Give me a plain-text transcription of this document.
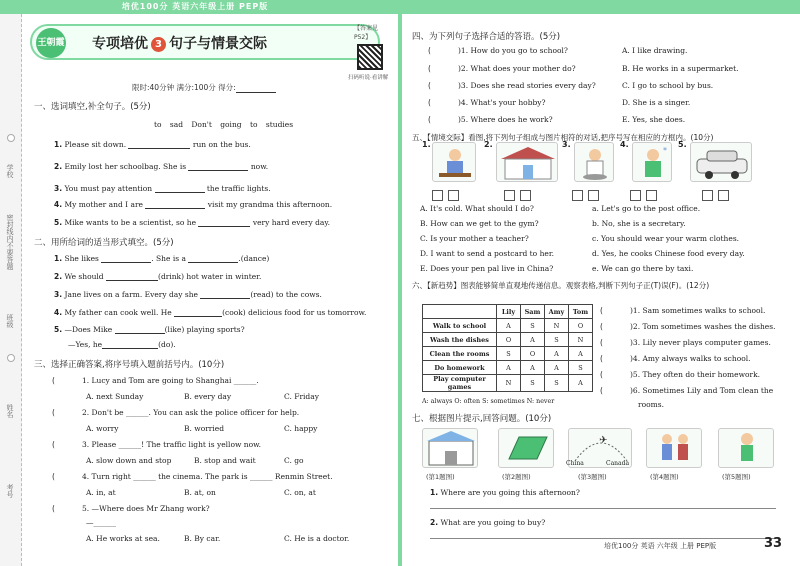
培优100分 英语六年级上册 PEP版
学校
密封线内不要答题
班级
姓名
考号
王朝霞 专项培优 3 句子与情景交际
【答案见P52】
扫码听说·看讲解
限时:40分钟 满分:100分 得分:
一、选词填空,补全句子。(5分)
to sad Don't going to studies
1. Please sit down.	run on the bus.
2. Emily lost her schoolbag. She is	now.
3. You must pay attention	the traffic lights.
4. My mother and I are	visit my grandma this afternoon.
5. Mike wants to be a scientist, so he	very hard every day.
二、用所给词的适当形式填空。(5分)
1. She likes	. She is a	.(dance)
2. We should	(drink) hot water in winter.
3. Jane lives on a farm. Every day she	(read) to the cows.
4. My father can cook well. He	(cook) delicious food for us tomorrow.
5. —Does Mike	(like) playing sports?
—Yes, he	(do).
三、选择正确答案,将序号填入题前括号内。(10分)
(	1. Lucy and Tom are going to Shanghai ______.
A. next Sunday	B. every day	C. Friday
(	2. Don't be ______. You can ask the police officer for help.
A. worry	B. worried	C. happy
(	3. Please ______! The traffic light is yellow now.
A. slow down and stop	B. stop and wait	C. go
(	4. Turn right ______ the cinema. The park is ______ Renmin Street.
A. in, at	B. at, on	C. on, at
(	5. —Where does Mr Zhang work?
—______
A. He works at sea.	B. By car.	C. He is a doctor.
四、为下列句子选择合适的答语。(5分)
(	)1. How do you go to school?	A. I like drawing.
(	)2. What does your mother do?	B. He works in a supermarket.
(	)3. Does she read stories every day?	C. I go to school by bus.
(	)4. What's your hobby?	D. She is a singer.
(	)5. Where does he work?	E. Yes, she does.
五、【情境交际】看图,将下列句子组成与图片相符的对话,把序号写在相应的方框内。(10分)
1.	2.	3.	4.
*
5.
A. It's cold. What should I do?
B. How can we get to the gym?
C. Is your mother a teacher?
D. I want to send a postcard to her.
E. Does your pen pal live in China?
a. Let's go to the post office.
b. No, she is a secretary.
c. You should wear your warm clothes.
d. Yes, he cooks Chinese food every day.
e. We can go there by taxi.
六、【新趋势】图表能够简单直观地传递信息。观察表格,判断下列句子正(T)误(F)。(12分)
	Lily	Sam	Amy	Tom
Walk to school	A	S	N	O
Wash the dishes	O	A	S	N
Clean the rooms	S	O	A	A
Do homework	A	A	A	S
Play computer games	N	S	S	A
A: always O: often S: sometimes N: never
(	)1. Sam sometimes walks to school.
(	)2. Tom sometimes washes the dishes.
(	)3. Lily never plays computer games.
(	)4. Amy always walks to school.
(	)5. They often do their homework.
(	)6. Sometimes Lily and Tom clean the
rooms.
七、根据图片提示,回答问题。(10分)
✈
China	Canada
(第1题图)	(第2题图)	(第3题图)	(第4题图)	(第5题图)
1. Where are you going this afternoon?
2. What are you going to buy?
培优100分 英语 六年级 上册 PEP版	33
